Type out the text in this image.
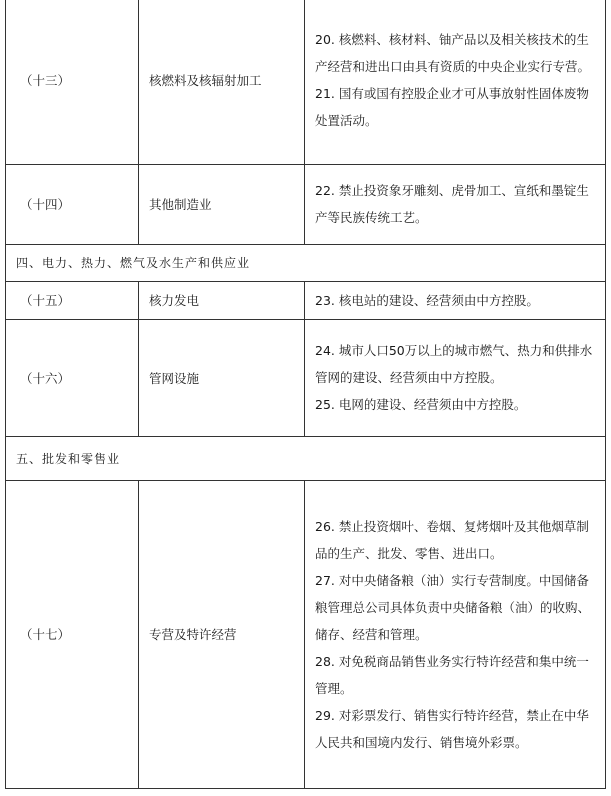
（十三）	核燃料及核辐射加工	20. 核燃料、核材料、铀产品以及相关核技术的生产经营和进出口由具有资质的中央企业实行专营。

21. 国有或国有控股企业才可从事放射性固体废物处置活动。

（十四）	其他制造业	22. 禁止投资象牙雕刻、虎骨加工、宣纸和墨锭生产等民族传统工艺。

四、电力、热力、燃气及水生产和供应业		
（十五）	核力发电	23. 核电站的建设、经营须由中方控股。

（十六）	管网设施	24. 城市人口50万以上的城市燃气、热力和供排水管网的建设、经营须由中方控股。

25. 电网的建设、经营须由中方控股。

五、批发和零售业		
（十七）	专营及特许经营	26. 禁止投资烟叶、卷烟、复烤烟叶及其他烟草制品的生产、批发、零售、进出口。

27. 对中央储备粮（油）实行专营制度。中国储备粮管理总公司具体负责中央储备粮（油）的收购、储存、经营和管理。

28. 对免税商品销售业务实行特许经营和集中统一管理。

29. 对彩票发行、销售实行特许经营，禁止在中华人民共和国境内发行、销售境外彩票。
